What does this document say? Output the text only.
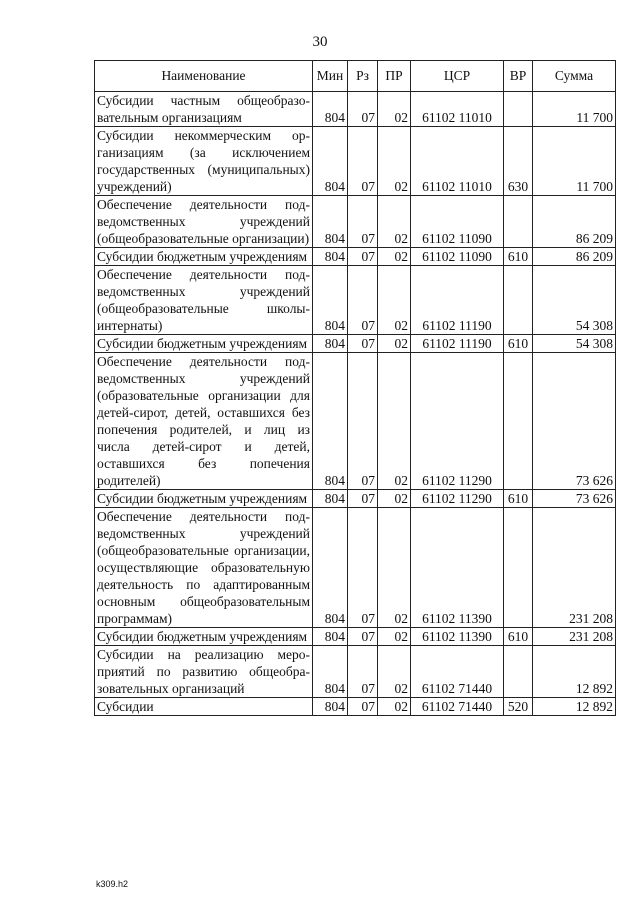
30
Наименование	Мин	Рз	ПР	ЦСР	ВР	Сумма
Субсидии частным общеобразовательным организациям	804	07	02	61102 11010		11 700
Субсидии некоммерческим организациям (за исключением государственных (муниципальных) учреждений)	804	07	02	61102 11010	630	11 700
Обеспечение деятельности подведомственных учреждений (общеобразовательные организации)	804	07	02	61102 11090		86 209
Субсидии бюджетным учреждениям	804	07	02	61102 11090	610	86 209
Обеспечение деятельности подведомственных учреждений (общеобразовательные школы-интернаты)	804	07	02	61102 11190		54 308
Субсидии бюджетным учреждениям	804	07	02	61102 11190	610	54 308
Обеспечение деятельности подведомственных учреждений (образовательные организации для детей-сирот, детей, оставшихся без попечения родителей, и лиц из числа детей-сирот и детей, оставшихся без попечения родителей)	804	07	02	61102 11290		73 626
Субсидии бюджетным учреждениям	804	07	02	61102 11290	610	73 626
Обеспечение деятельности подведомственных учреждений (общеобразовательные организации, осуществляющие образовательную деятельность по адаптированным основным общеобразовательным программам)	804	07	02	61102 11390		231 208
Субсидии бюджетным учреждениям	804	07	02	61102 11390	610	231 208
Субсидии на реализацию мероприятий по развитию общеобразовательных организаций	804	07	02	61102 71440		12 892
Субсидии	804	07	02	61102 71440	520	12 892
k309.h2
